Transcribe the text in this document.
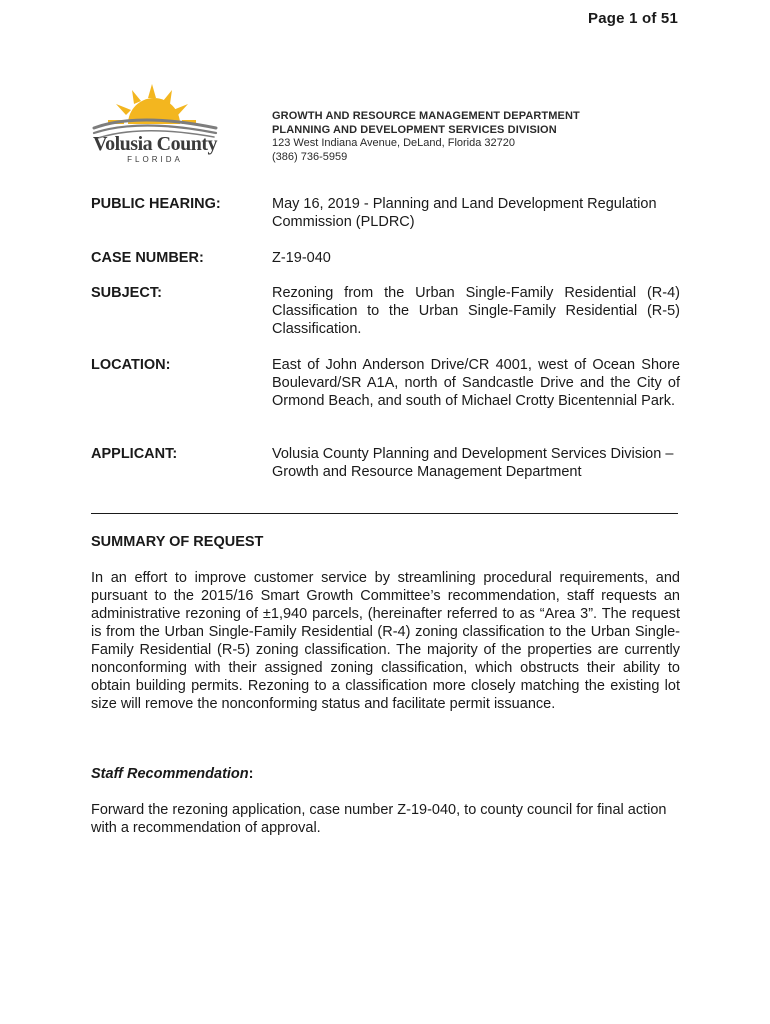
Page 1 of 51
Volusia County
FLORIDA
GROWTH AND RESOURCE MANAGEMENT DEPARTMENT
PLANNING AND DEVELOPMENT SERVICES DIVISION
123 West Indiana Avenue, DeLand, Florida 32720
(386) 736-5959
PUBLIC HEARING:	May 16, 2019 - Planning and Land Development Regulation Commission (PLDRC)
CASE NUMBER:	Z-19-040
SUBJECT:	Rezoning from the Urban Single-Family Residential (R-4) Classification to the Urban Single-Family Residential (R-5) Classification.
LOCATION:	East of John Anderson Drive/CR 4001, west of Ocean Shore Boulevard/SR A1A, north of Sandcastle Drive and the City of Ormond Beach, and south of Michael Crotty Bicentennial Park.
APPLICANT:	Volusia County Planning and Development Services Division – Growth and Resource Management Department
SUMMARY OF REQUEST

In an effort to improve customer service by streamlining procedural requirements, and pursuant to the 2015/16 Smart Growth Committee’s recommendation, staff requests an administrative rezoning of ±1,940 parcels, (hereinafter referred to as “Area 3”. The request is from the Urban Single-Family Residential (R-4) zoning classification to the Urban Single-Family Residential (R-5) zoning classification. The majority of the properties are currently nonconforming with their assigned zoning classification, which obstructs their ability to obtain building permits. Rezoning to a classification more closely matching the existing lot size will remove the nonconforming status and facilitate permit issuance.

Staff Recommendation:

Forward the rezoning application, case number Z-19-040, to county council for final action with a recommendation of approval.
